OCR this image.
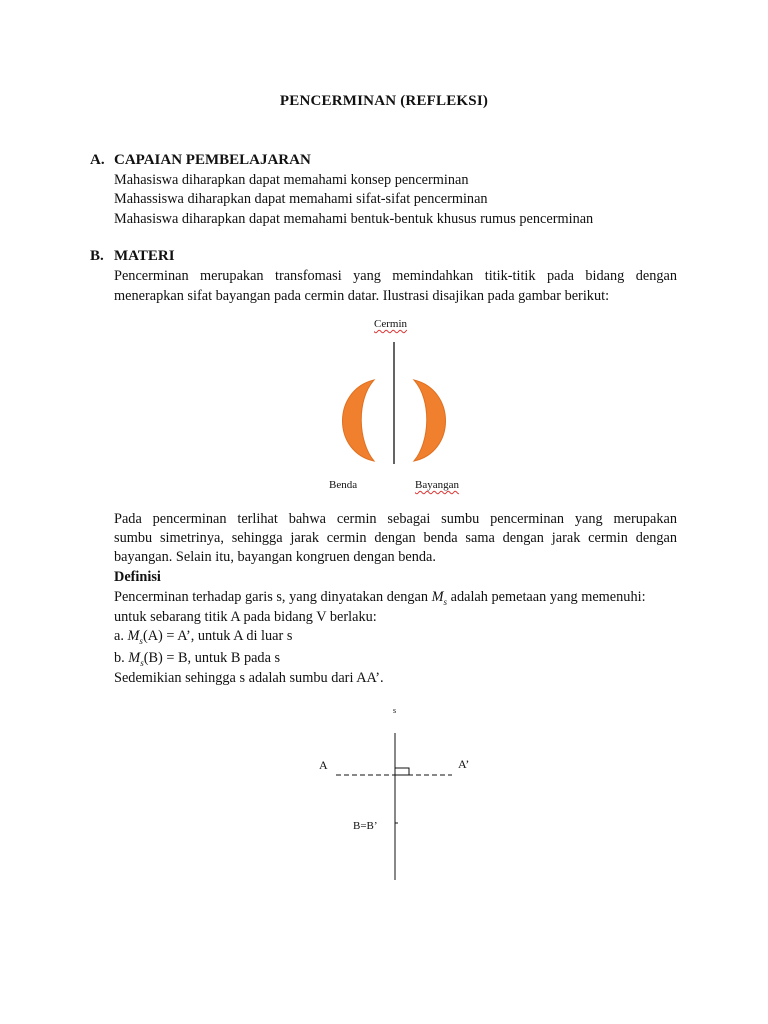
PENCERMINAN (REFLEKSI)
A. CAPAIAN PEMBELAJARAN
Mahasiswa diharapkan dapat memahami konsep pencerminan
Mahassiswa diharapkan dapat memahami sifat-sifat pencerminan
Mahasiswa diharapkan dapat memahami bentuk-bentuk khusus rumus pencerminan
B. MATERI
Pencerminan merupakan transfomasi yang memindahkan titik-titik pada bidang dengan
menerapkan sifat bayangan pada cermin datar. Ilustrasi disajikan pada gambar berikut:
Cermin
Benda	Bayangan
Pada pencerminan terlihat bahwa cermin sebagai sumbu pencerminan yang merupakan
sumbu simetrinya, sehingga jarak cermin dengan benda sama dengan jarak cermin dengan
bayangan. Selain itu, bayangan kongruen dengan benda.
Definisi
Pencerminan terhadap garis s, yang dinyatakan dengan $M_s$ adalah pemetaan yang memenuhi:
untuk sebarang titik A pada bidang V berlaku:
a. $M_s(A) = A$’, untuk A di luar s
b. $M_s(B) = B$, untuk B pada s
Sedemikian sehingga s adalah sumbu dari AA’.
s
A	A’
B=B’
